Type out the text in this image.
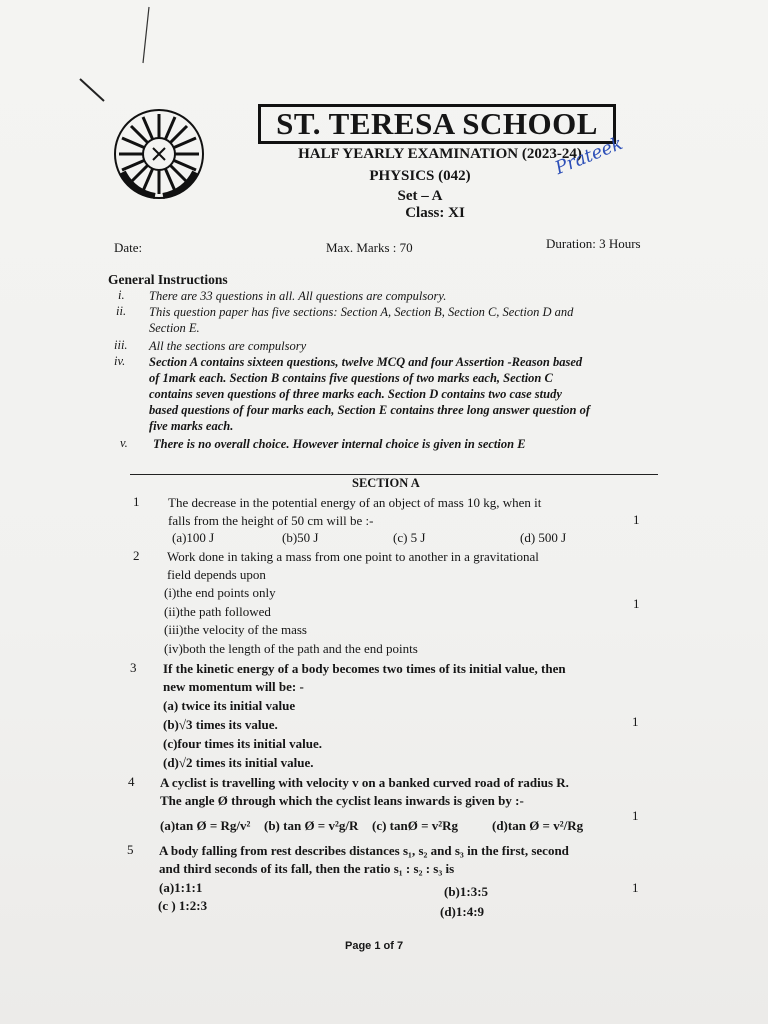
ST. TERESA SCHOOL
HALF YEARLY EXAMINATION (2023-24)
PHYSICS (042)
Set – A
Class: XI
Prateek
Date:	Max. Marks : 70	Duration: 3 Hours
General Instructions
i. There are 33 questions in all. All questions are compulsory.
ii. This question paper has five sections: Section A, Section B, Section C, Section D and
Section E.
iii. All the sections are compulsory
iv. Section A contains sixteen questions, twelve MCQ and four Assertion -Reason based
of 1mark each. Section B contains five questions of two marks each, Section C
contains seven questions of three marks each. Section D contains two case study
based questions of four marks each, Section E contains three long answer question of
five marks each.
v. There is no overall choice. However internal choice is given in section E
SECTION A
1 The decrease in the potential energy of an object of mass 10 kg, when it
falls from the height of 50 cm will be :-	1
(a)100 J	(b)50 J	(c) 5 J	(d) 500 J
2 Work done in taking a mass from one point to another in a gravitational
field depends upon
1
(i)the end points only
(ii)the path followed
(iii)the velocity of the mass
(iv)both the length of the path and the end points
3 If the kinetic energy of a body becomes two times of its initial value, then
new momentum will be: -
1
(a) twice its initial value
(b)√3 times its value.
(c)four times its initial value.
(d)√2 times its initial value.
4 A cyclist is travelling with velocity v on a banked curved road of radius R.
The angle Ø through which the cyclist leans inwards is given by :-
1
(a)tan Ø = Rg/v² (b) tan Ø = v²g/R (c) tanØ = v²Rg	(d)tan Ø = v²/Rg
5 A body falling from rest describes distances s₁, s₂ and s₃ in the first, second
and third seconds of its fall, then the ratio s₁ : s₂ : s₃ is
1
(a)1:1:1	(b)1:3:5
(c ) 1:2:3	(d)1:4:9
Page 1 of 7
